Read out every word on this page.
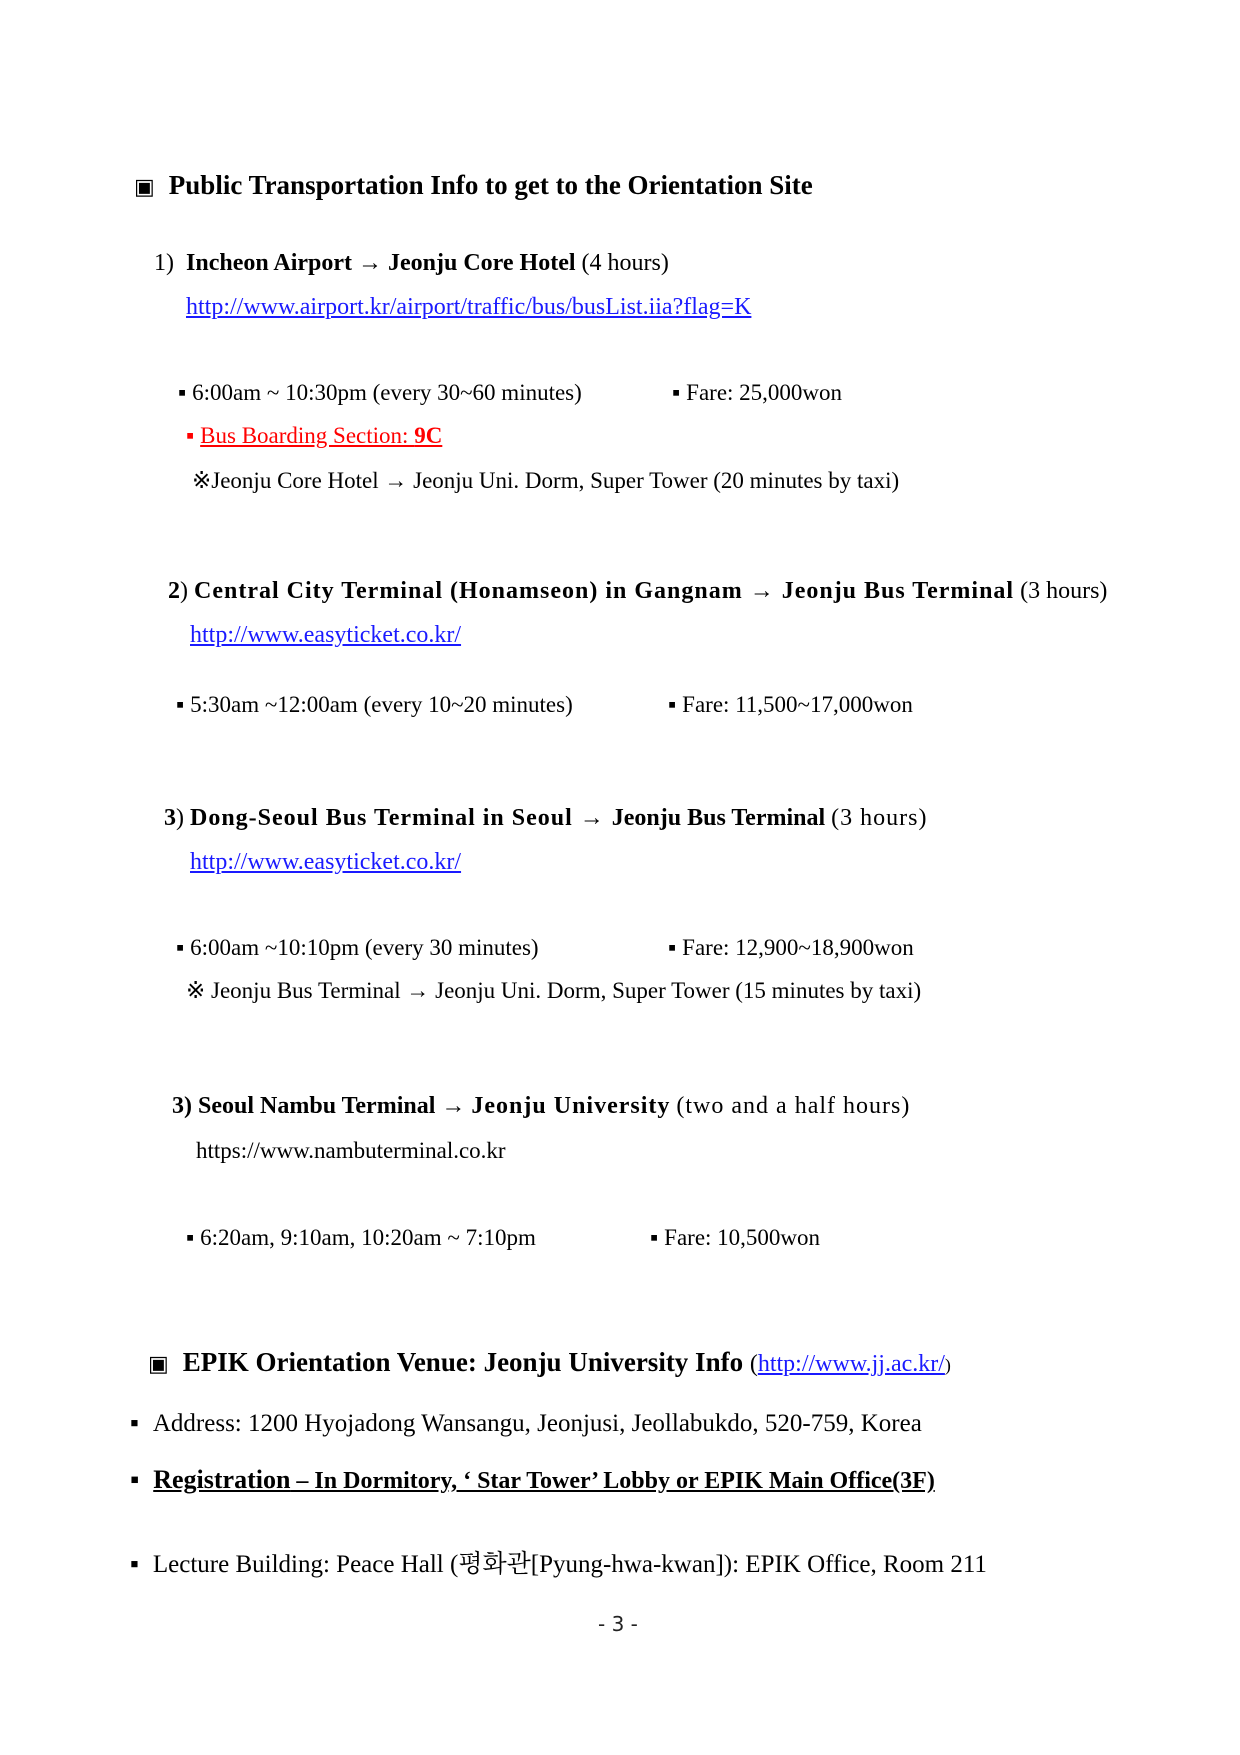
▣ Public Transportation Info to get to the Orientation Site
1) Incheon Airport → Jeonju Core Hotel (4 hours)
http://www.airport.kr/airport/traffic/bus/busList.iia?flag=K
▪ 6:00am ~ 10:30pm (every 30~60 minutes)	▪ Fare: 25,000won
▪ Bus Boarding Section: 9C
※Jeonju Core Hotel → Jeonju Uni. Dorm, Super Tower (20 minutes by taxi)
2) Central City Terminal (Honamseon) in Gangnam → Jeonju Bus Terminal (3 hours)
http://www.easyticket.co.kr/
▪ 5:30am ~12:00am (every 10~20 minutes)	▪ Fare: 11,500~17,000won
3) Dong-Seoul Bus Terminal in Seoul → Jeonju Bus Terminal (3 hours)
http://www.easyticket.co.kr/
▪ 6:00am ~10:10pm (every 30 minutes)	▪ Fare: 12,900~18,900won
※ Jeonju Bus Terminal → Jeonju Uni. Dorm, Super Tower (15 minutes by taxi)
3) Seoul Nambu Terminal → Jeonju University (two and a half hours)
https://www.nambuterminal.co.kr
▪ 6:20am, 9:10am, 10:20am ~ 7:10pm	▪ Fare: 10,500won
▣ EPIK Orientation Venue: Jeonju University Info (http://www.jj.ac.kr/)
▪ Address: 1200 Hyojadong Wansangu, Jeonjusi, Jeollabukdo, 520-759, Korea
▪ Registration – In Dormitory, ‘ Star Tower’ Lobby or EPIK Main Office(3F)
▪ Lecture Building: Peace Hall (평화관[Pyung-hwa-kwan]): EPIK Office, Room 211
- 3 -
